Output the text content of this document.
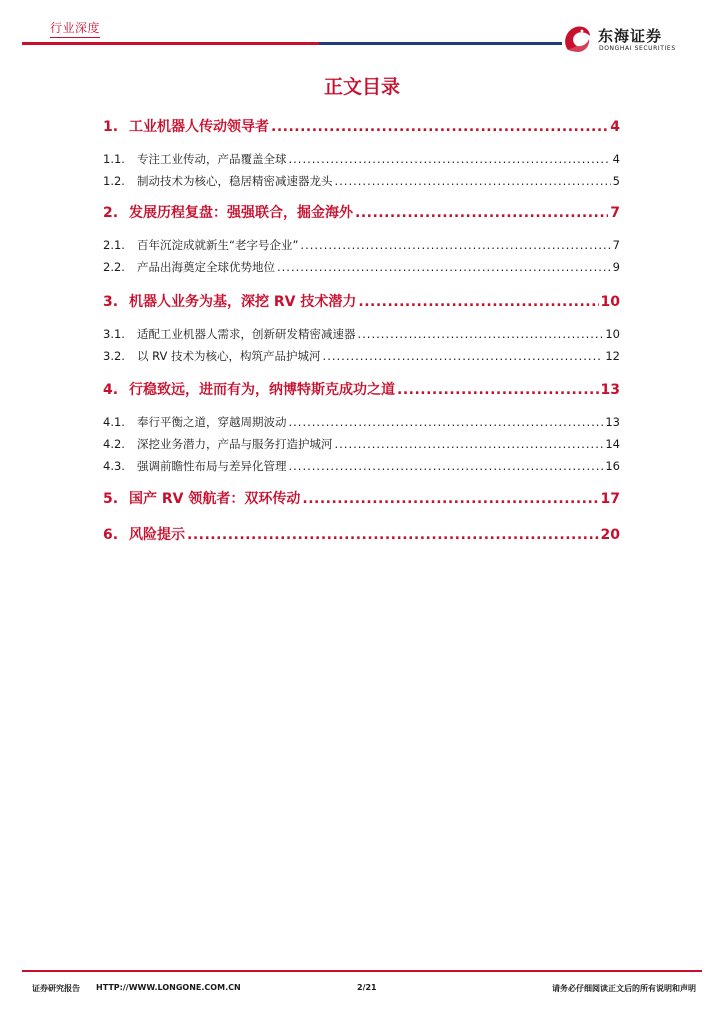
行业深度	东海证券
DONGHAI SECURITIES
正文目录
1. 工业机器人传动领导者 .....	4
1.1.	专注工业传动，产品覆盖全球 .....	4
1.2.	制动技术为核心，稳居精密减速器龙头 .....	5
2. 发展历程复盘：强强联合，掘金海外 .....	7
2.1.	百年沉淀成就新生“老字号企业” .....	7
2.2.	产品出海奠定全球优势地位 .....	9
3. 机器人业务为基，深挖 RV 技术潜力 .....	10
3.1.	适配工业机器人需求，创新研发精密减速器 .....	10
3.2.	以 RV 技术为核心，构筑产品护城河 .....	12
4. 行稳致远，进而有为，纳博特斯克成功之道 .....	13
4.1.	奉行平衡之道，穿越周期波动 .....	13
4.2.	深挖业务潜力，产品与服务打造护城河 .....	14
4.3.	强调前瞻性布局与差异化管理 .....	16
5. 国产 RV 领航者：双环传动 .....	17
6. 风险提示 .....	20
证券研究报告 HTTP://WWW.LONGONE.COM.CN	2/21	请务必仔细阅读正文后的所有说明和声明
